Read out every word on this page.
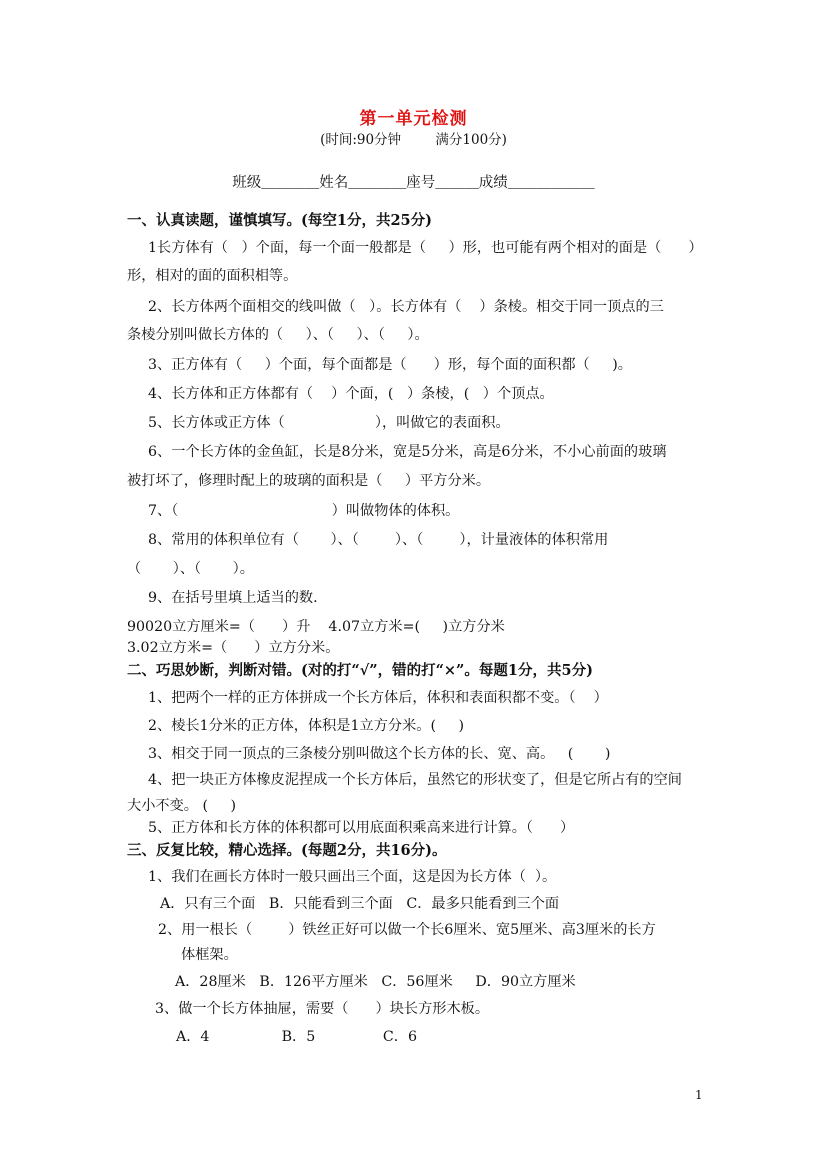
第一单元检测
(时间:90分钟        满分100分)
班级＿＿＿＿姓名＿＿＿＿座号＿＿＿成绩＿＿＿＿＿＿
一、认真读题，谨慎填写。(每空1分，共25分)
1长方体有（   ）个面，每一个面一般都是（     ）形，也可能有两个相对的面是（      ）
形，相对的面的面积相等。
2、长方体两个面相交的线叫做（   ）。长方体有（    ）条棱。相交于同一顶点的三
条棱分别叫做长方体的（     ）、（     ）、（     ）。
3、正方体有（     ）个面，每个面都是（      ）形，每个面的面积都（     )。
4、长方体和正方体都有（    ）个面，(   ）条棱，(   ）个顶点。
5、长方体或正方体（                    ），叫做它的表面积。
6、一个长方体的金鱼缸，长是8分米，宽是5分米，高是6分米，不小心前面的玻璃
被打坏了，修理时配上的玻璃的面积是（     ）平方分米。
7、（                                  ）叫做物体的体积。
8、常用的体积单位有（       ）、（        ）、（        ），计量液体的体积常用
（       ）、（       ）。
9、在括号里填上适当的数.
90020立方厘米=（      ）升    4.07立方米=(     )立方分米
3.02立方米=（      ）立方分米。
二、巧思妙断，判断对错。(对的打“√”，错的打“×”。每题1分，共5分)
1、把两个一样的正方体拼成一个长方体后，体积和表面积都不变。（    ）
2、棱长1分米的正方体，体积是1立方分米。(     )
3、相交于同一顶点的三条棱分别叫做这个长方体的长、宽、高。   (       )
4、把一块正方体橡皮泥捏成一个长方体后，虽然它的形状变了，但是它所占有的空间
大小不变。 (     )
5、正方体和长方体的体积都可以用底面积乘高来进行计算。（      ）
三、反复比较，精心选择。(每题2分，共16分)。
1、我们在画长方体时一般只画出三个面，这是因为长方体（  ）。
A．只有三个面   B．只能看到三个面   C．最多只能看到三个面
2、用一根长（        ）铁丝正好可以做一个长6厘米、宽5厘米、高3厘米的长方
体框架。
A．28厘米   B．126平方厘米   C．56厘米     D．90立方厘米
3、做一个长方体抽屉，需要（      ）块长方形木板。
A．4                B．5               C．6
1
